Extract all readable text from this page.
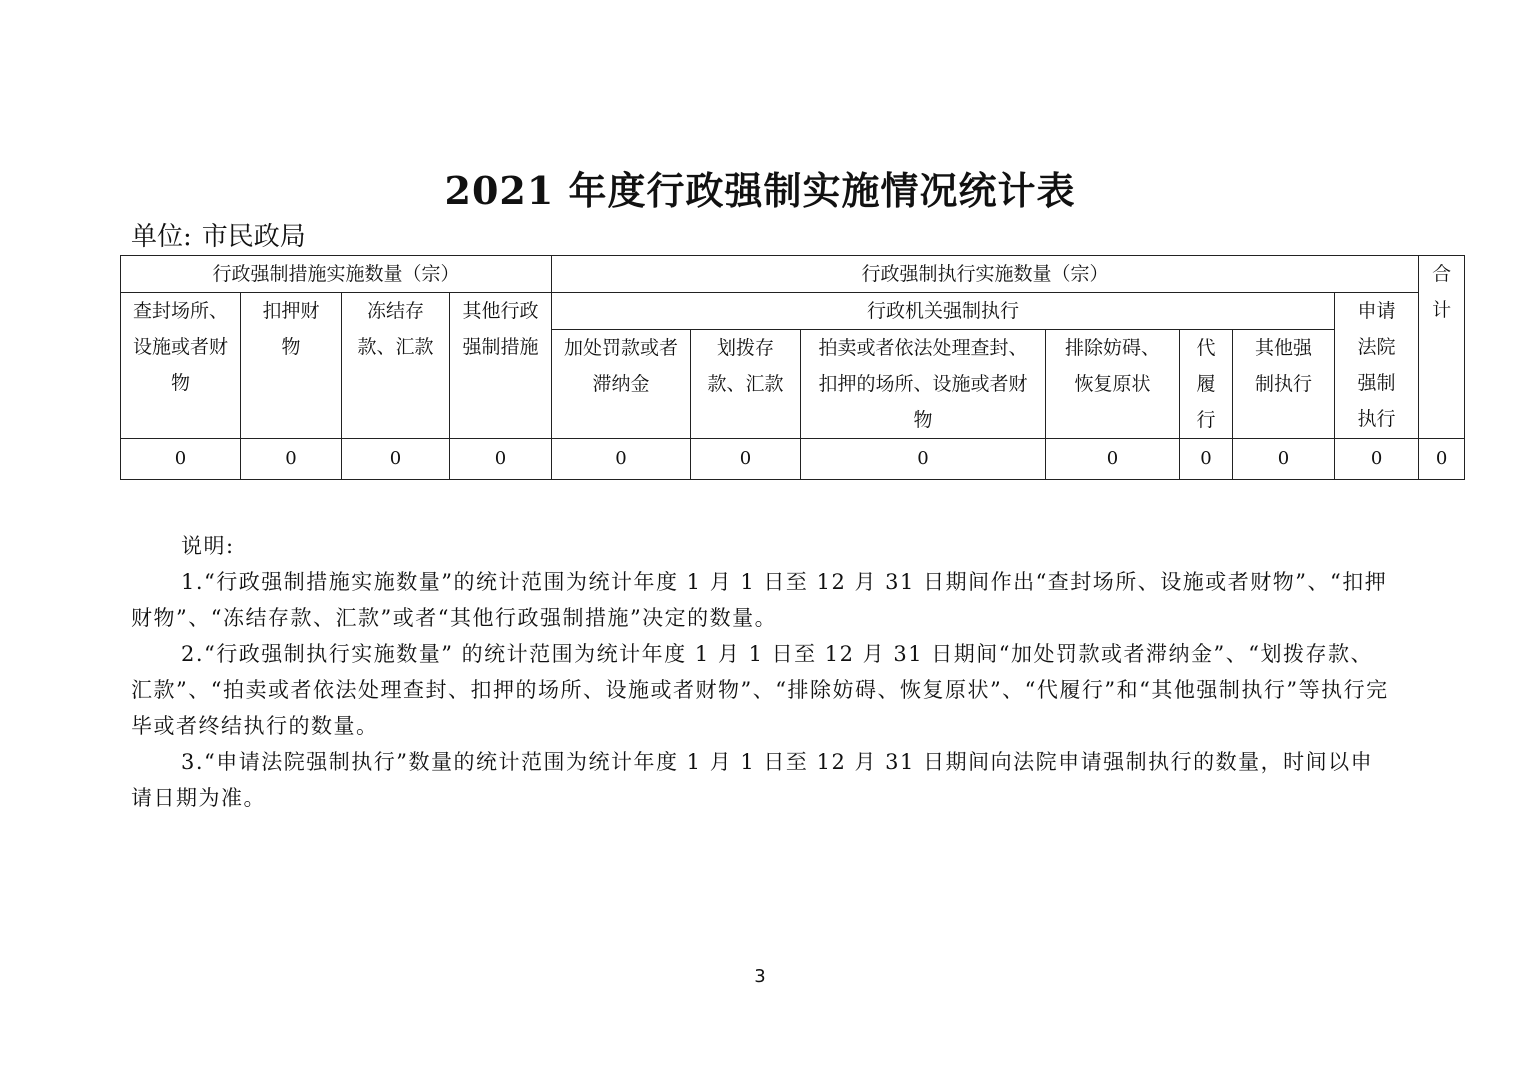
2021 年度行政强制实施情况统计表
单位: 市民政局
行政强制措施实施数量（宗）				行政强制执行实施数量（宗）							合计
查封场所、设施或者财物	扣押财物	冻结存款、汇款	其他行政强制措施	行政机关强制执行						申请法院强制执行	
				加处罚款或者滞纳金	划拨存款、汇款	拍卖或者依法处理查封、扣押的场所、设施或者财物	排除妨碍、恢复原状	代履行	其他强制执行		
0	0	0	0	0	0	0	0	0	0	0	0

说明:

1.“行政强制措施实施数量”的统计范围为统计年度 1 月 1 日至 12 月 31 日期间作出“查封场所、设施或者财物”、“扣押财物”、“冻结存款、汇款”或者“其他行政强制措施”决定的数量。

2.“行政强制执行实施数量” 的统计范围为统计年度 1 月 1 日至 12 月 31 日期间“加处罚款或者滞纳金”、“划拨存款、汇款”、“拍卖或者依法处理查封、扣押的场所、设施或者财物”、“排除妨碍、恢复原状”、“代履行”和“其他强制执行”等执行完毕或者终结执行的数量。

3.“申请法院强制执行”数量的统计范围为统计年度 1 月 1 日至 12 月 31 日期间向法院申请强制执行的数量，时间以申请日期为准。

3
